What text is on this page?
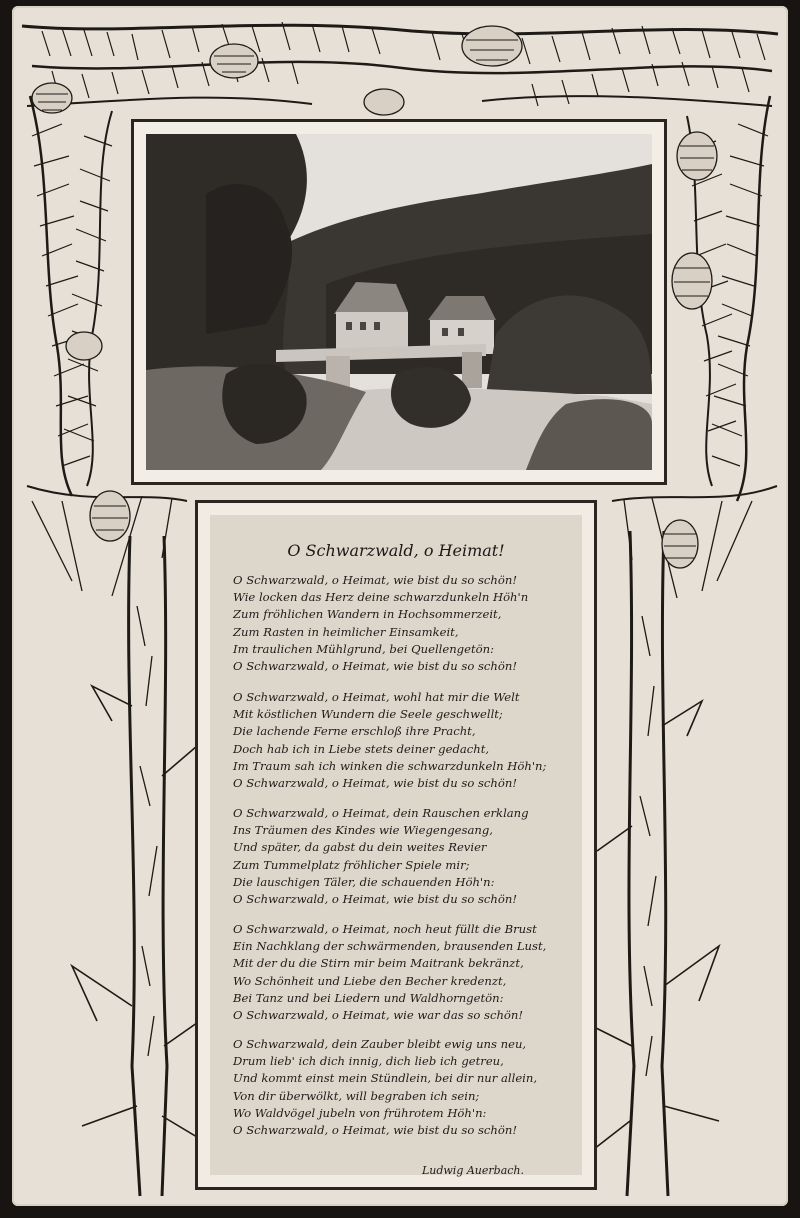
O Schwarzwald, o Heimat!
O Schwarzwald, o Heimat, wie bist du so schön!
Wie locken das Herz deine schwarzdunkeln Höh'n
Zum fröhlichen Wandern in Hochsommerzeit,
Zum Rasten in heimlicher Einsamkeit,
Im traulichen Mühlgrund, bei Quellengetön:
O Schwarzwald, o Heimat, wie bist du so schön!
O Schwarzwald, o Heimat, wohl hat mir die Welt
Mit köstlichen Wundern die Seele geschwellt;
Die lachende Ferne erschloß ihre Pracht,
Doch hab ich in Liebe stets deiner gedacht,
Im Traum sah ich winken die schwarzdunkeln Höh'n;
O Schwarzwald, o Heimat, wie bist du so schön!
O Schwarzwald, o Heimat, dein Rauschen erklang
Ins Träumen des Kindes wie Wiegengesang,
Und später, da gabst du dein weites Revier
Zum Tummelplatz fröhlicher Spiele mir;
Die lauschigen Täler, die schauenden Höh'n:
O Schwarzwald, o Heimat, wie bist du so schön!
O Schwarzwald, o Heimat, noch heut füllt die Brust
Ein Nachklang der schwärmenden, brausenden Lust,
Mit der du die Stirn mir beim Maitrank bekränzt,
Wo Schönheit und Liebe den Becher kredenzt,
Bei Tanz und bei Liedern und Waldhorngetön:
O Schwarzwald, o Heimat, wie war das so schön!
O Schwarzwald, dein Zauber bleibt ewig uns neu,
Drum lieb' ich dich innig, dich lieb ich getreu,
Und kommt einst mein Stündlein, bei dir nur allein,
Von dir überwölkt, will begraben ich sein;
Wo Waldvögel jubeln von frührotem Höh'n:
O Schwarzwald, o Heimat, wie bist du so schön!
Ludwig Auerbach.
